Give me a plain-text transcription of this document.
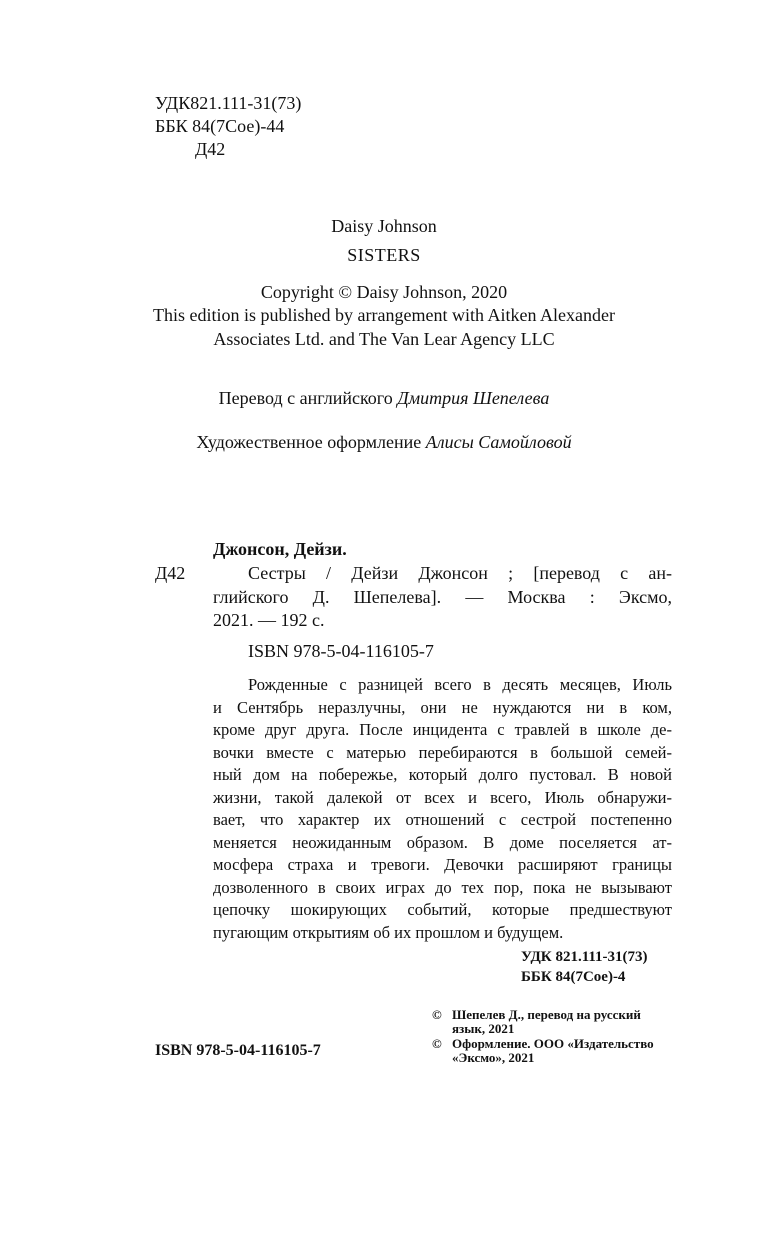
УДК821.111-31(73)
ББК 84(7Сое)-44
Д42
Daisy Johnson
SISTERS
Copyright © Daisy Johnson, 2020
This edition is published by arrangement with Aitken Alexander
Associates Ltd. and The Van Lear Agency LLC
Перевод с английского Дмитрия Шепелева
Художественное оформление Алисы Самойловой
Джонсон, Дейзи.
Д42	Сестры / Дейзи Джонсон ; [перевод с ан-
глийского Д. Шепелева]. — Москва : Эксмо,
2021. — 192 с.
ISBN 978-5-04-116105-7
Рожденные с разницей всего в десять месяцев, Июль
и Сентябрь неразлучны, они не нуждаются ни в ком,
кроме друг друга. После инцидента с травлей в школе де-
вочки вместе с матерью перебираются в большой семей-
ный дом на побережье, который долго пустовал. В новой
жизни, такой далекой от всех и всего, Июль обнаружи-
вает, что характер их отношений с сестрой постепенно
меняется неожиданным образом. В доме поселяется ат-
мосфера страха и тревоги. Девочки расширяют границы
дозволенного в своих играх до тех пор, пока не вызывают
цепочку шокирующих событий, которые предшествуют
пугающим открытиям об их прошлом и будущем.
УДК 821.111-31(73)
ББК 84(7Сое)-4
© Шепелев Д., перевод на русский
язык, 2021
© Оформление. ООО «Издательство
«Эксмо», 2021
ISBN 978-5-04-116105-7
